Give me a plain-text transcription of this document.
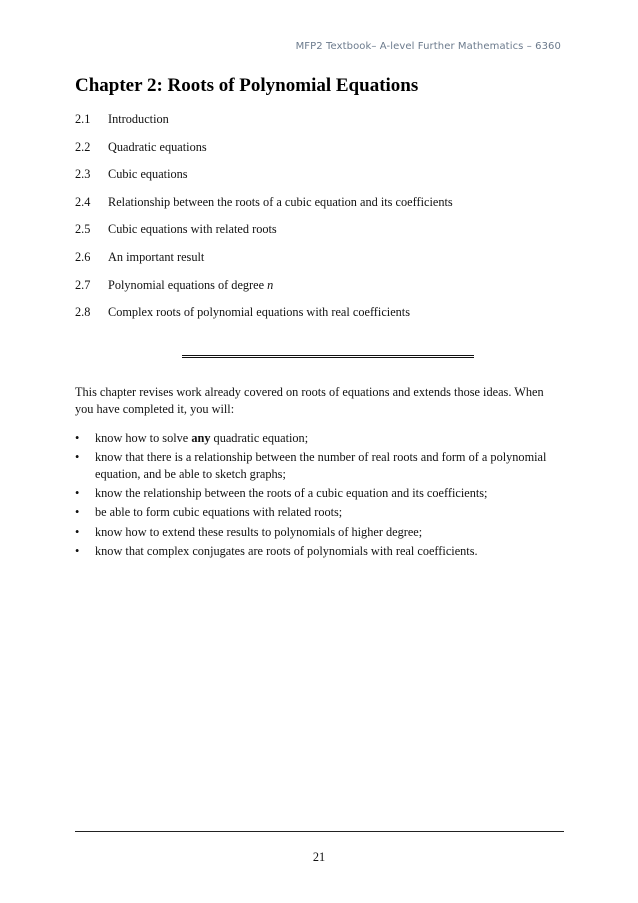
MFP2 Textbook– A-level Further Mathematics – 6360
Chapter 2: Roots of Polynomial Equations
2.1	Introduction
2.2	Quadratic equations
2.3	Cubic equations
2.4	Relationship between the roots of a cubic equation and its coefficients
2.5	Cubic equations with related roots
2.6	An important result
2.7	Polynomial equations of degree n
2.8	Complex roots of polynomial equations with real coefficients

This chapter revises work already covered on roots of equations and extends those ideas. When you have completed it, you will:

•	know how to solve any quadratic equation;
•	know that there is a relationship between the number of real roots and form of a polynomial equation, and be able to sketch graphs;
•	know the relationship between the roots of a cubic equation and its coefficients;
•	be able to form cubic equations with related roots;
•	know how to extend these results to polynomials of higher degree;
•	know that complex conjugates are roots of polynomials with real coefficients.
21
